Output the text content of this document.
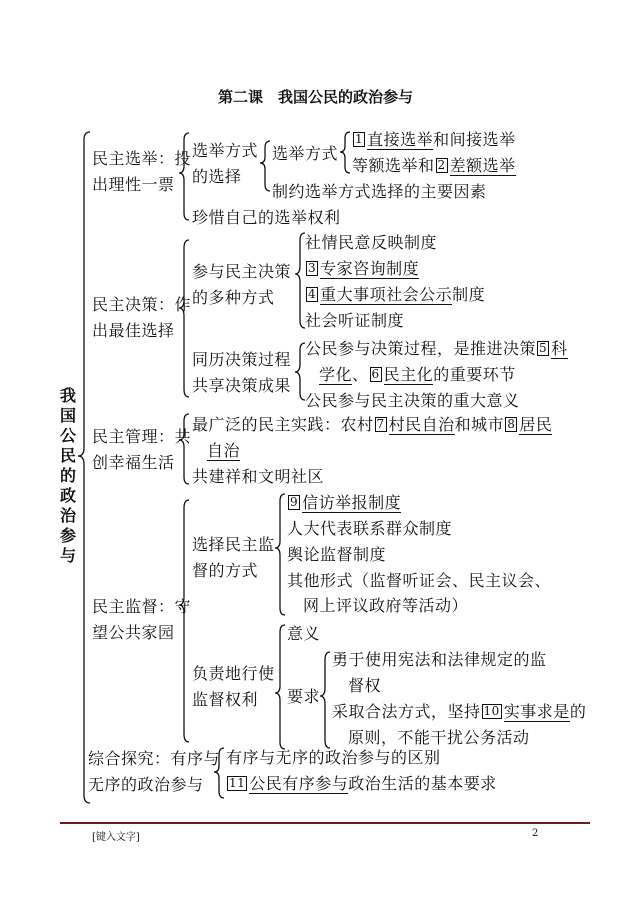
第二课　我国公民的政治参与
我国公民的政治参与
民主选举：投
出理性一票
选举方式
的选择
选举方式
1 直接选举和间接选举
等额选举和 2 差额选举
制约选举方式选择的主要因素
珍惜自己的选举权利
民主决策：作
出最佳选择
参与民主决策
的多种方式
社情民意反映制度
3 专家咨询制度
4 重大事项社会公示制度
社会听证制度
同历决策过程
共享决策成果
公民参与决策过程，是推进决策 5 科
学化、 6 民主化的重要环节
公民参与民主决策的重大意义
民主管理：共
创幸福生活
最广泛的民主实践：农村 7 村民自治和城市 8 居民
自治
共建祥和文明社区
民主监督：守
望公共家园
选择民主监
督的方式
9 信访举报制度
人大代表联系群众制度
舆论监督制度
其他形式（监督听证会、民主议会、
网上评议政府等活动）
负责地行使
监督权利
意义
要求
勇于使用宪法和法律规定的监
督权
采取合法方式，坚持 10 实事求是的
原则，不能干扰公务活动
综合探究：有序与
无序的政治参与
有序与无序的政治参与的区别
11 公民有序参与政治生活的基本要求
[键入文字]	2
